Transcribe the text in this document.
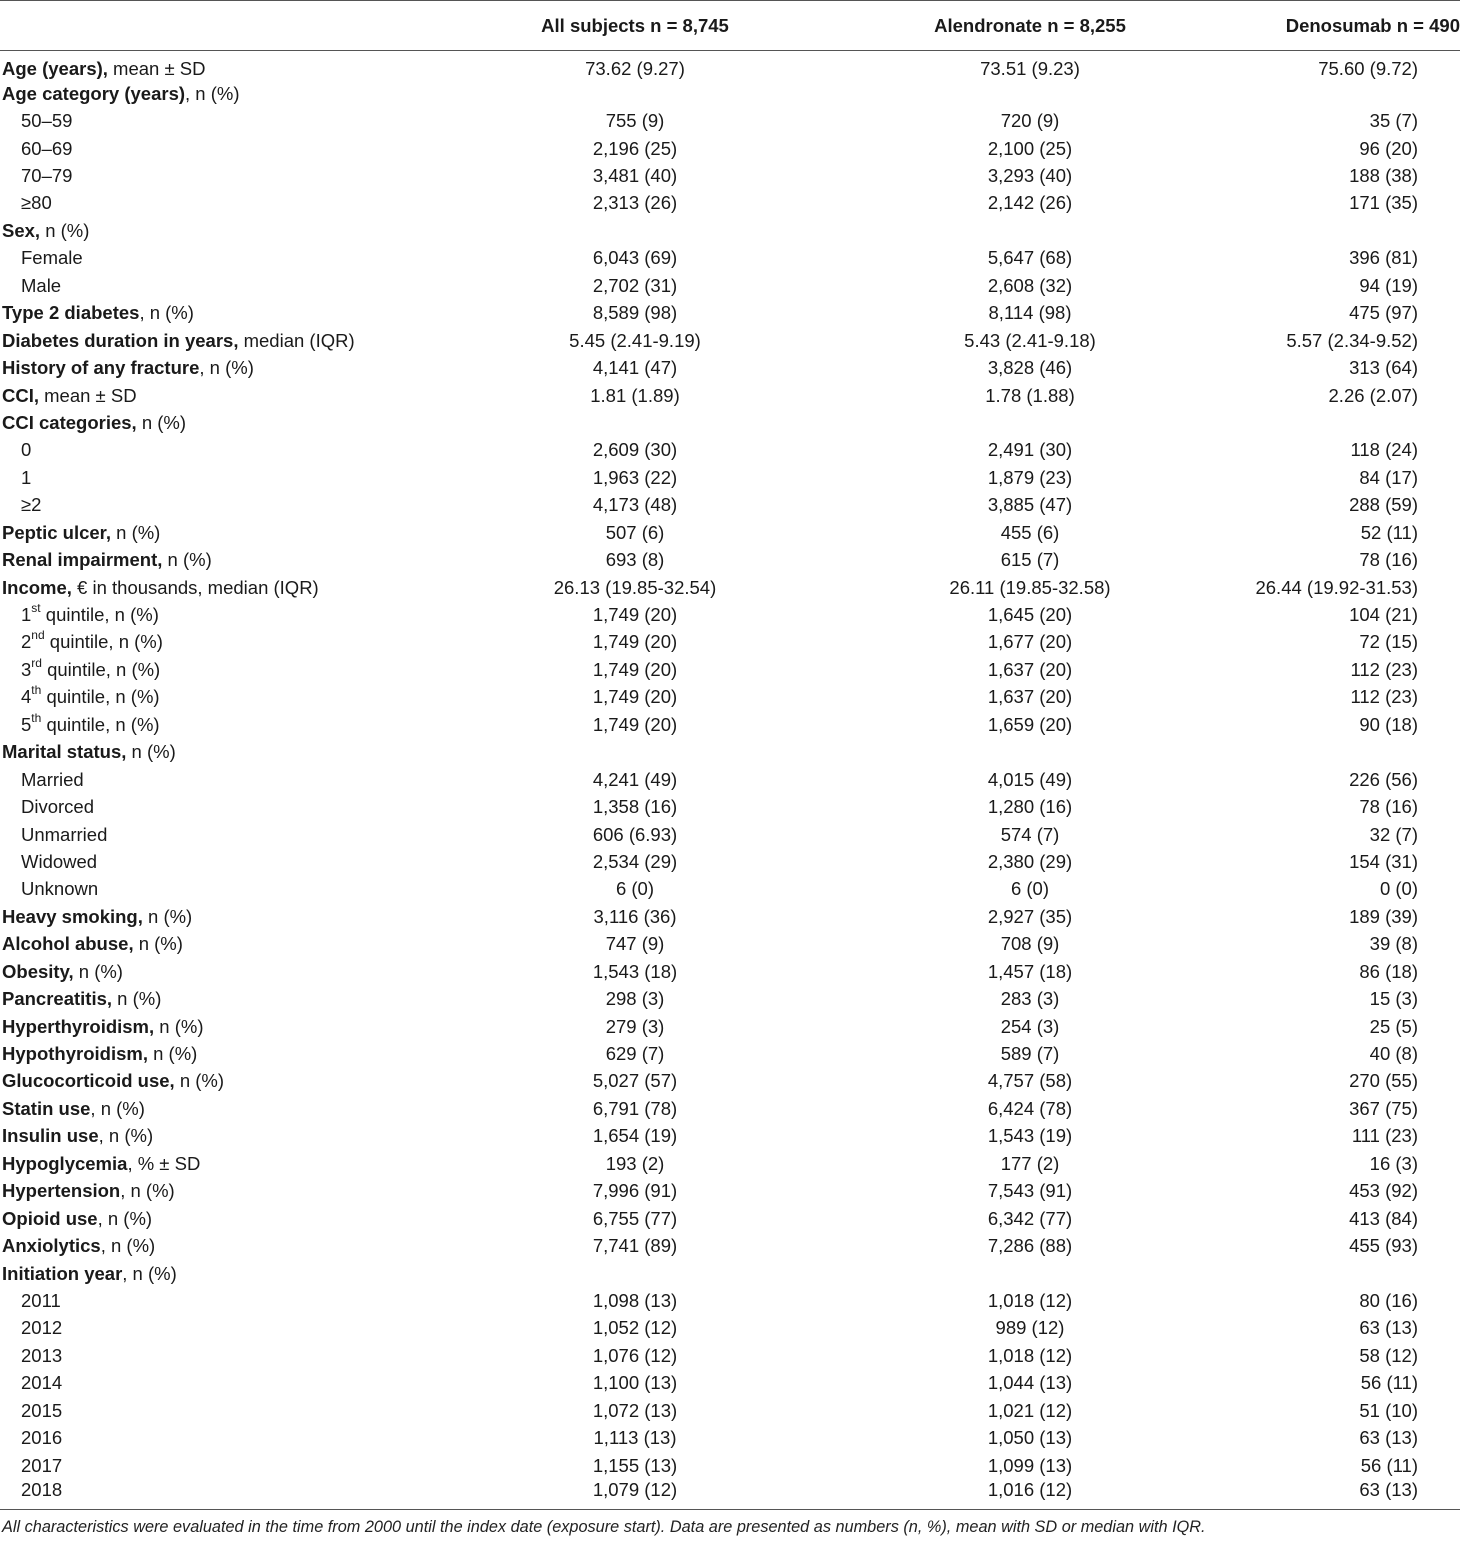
	All subjects n = 8,745	Alendronate n = 8,255	Denosumab n = 490
Age (years), mean ± SD	73.62 (9.27)	73.51 (9.23)	75.60 (9.72)
Age category (years), n (%)			
50–59	755 (9)	720 (9)	35 (7)
60–69	2,196 (25)	2,100 (25)	96 (20)
70–79	3,481 (40)	3,293 (40)	188 (38)
≥80	2,313 (26)	2,142 (26)	171 (35)
Sex, n (%)			
Female	6,043 (69)	5,647 (68)	396 (81)
Male	2,702 (31)	2,608 (32)	94 (19)
Type 2 diabetes, n (%)	8,589 (98)	8,114 (98)	475 (97)
Diabetes duration in years, median (IQR)	5.45 (2.41-9.19)	5.43 (2.41-9.18)	5.57 (2.34-9.52)
History of any fracture, n (%)	4,141 (47)	3,828 (46)	313 (64)
CCI, mean ± SD	1.81 (1.89)	1.78 (1.88)	2.26 (2.07)
CCI categories, n (%)			
0	2,609 (30)	2,491 (30)	118 (24)
1	1,963 (22)	1,879 (23)	84 (17)
≥2	4,173 (48)	3,885 (47)	288 (59)
Peptic ulcer, n (%)	507 (6)	455 (6)	52 (11)
Renal impairment, n (%)	693 (8)	615 (7)	78 (16)
Income, € in thousands, median (IQR)	26.13 (19.85-32.54)	26.11 (19.85-32.58)	26.44 (19.92-31.53)
1st quintile, n (%)	1,749 (20)	1,645 (20)	104 (21)
2nd quintile, n (%)	1,749 (20)	1,677 (20)	72 (15)
3rd quintile, n (%)	1,749 (20)	1,637 (20)	112 (23)
4th quintile, n (%)	1,749 (20)	1,637 (20)	112 (23)
5th quintile, n (%)	1,749 (20)	1,659 (20)	90 (18)
Marital status, n (%)			
Married	4,241 (49)	4,015 (49)	226 (56)
Divorced	1,358 (16)	1,280 (16)	78 (16)
Unmarried	606 (6.93)	574 (7)	32 (7)
Widowed	2,534 (29)	2,380 (29)	154 (31)
Unknown	6 (0)	6 (0)	0 (0)
Heavy smoking, n (%)	3,116 (36)	2,927 (35)	189 (39)
Alcohol abuse, n (%)	747 (9)	708 (9)	39 (8)
Obesity, n (%)	1,543 (18)	1,457 (18)	86 (18)
Pancreatitis, n (%)	298 (3)	283 (3)	15 (3)
Hyperthyroidism, n (%)	279 (3)	254 (3)	25 (5)
Hypothyroidism, n (%)	629 (7)	589 (7)	40 (8)
Glucocorticoid use, n (%)	5,027 (57)	4,757 (58)	270 (55)
Statin use, n (%)	6,791 (78)	6,424 (78)	367 (75)
Insulin use, n (%)	1,654 (19)	1,543 (19)	111 (23)
Hypoglycemia, % ± SD	193 (2)	177 (2)	16 (3)
Hypertension, n (%)	7,996 (91)	7,543 (91)	453 (92)
Opioid use, n (%)	6,755 (77)	6,342 (77)	413 (84)
Anxiolytics, n (%)	7,741 (89)	7,286 (88)	455 (93)
Initiation year, n (%)			
2011	1,098 (13)	1,018 (12)	80 (16)
2012	1,052 (12)	989 (12)	63 (13)
2013	1,076 (12)	1,018 (12)	58 (12)
2014	1,100 (13)	1,044 (13)	56 (11)
2015	1,072 (13)	1,021 (12)	51 (10)
2016	1,113 (13)	1,050 (13)	63 (13)
2017	1,155 (13)	1,099 (13)	56 (11)
2018	1,079 (12)	1,016 (12)	63 (13)
All characteristics were evaluated in the time from 2000 until the index date (exposure start). Data are presented as numbers (n, %), mean with SD or median with IQR.			
